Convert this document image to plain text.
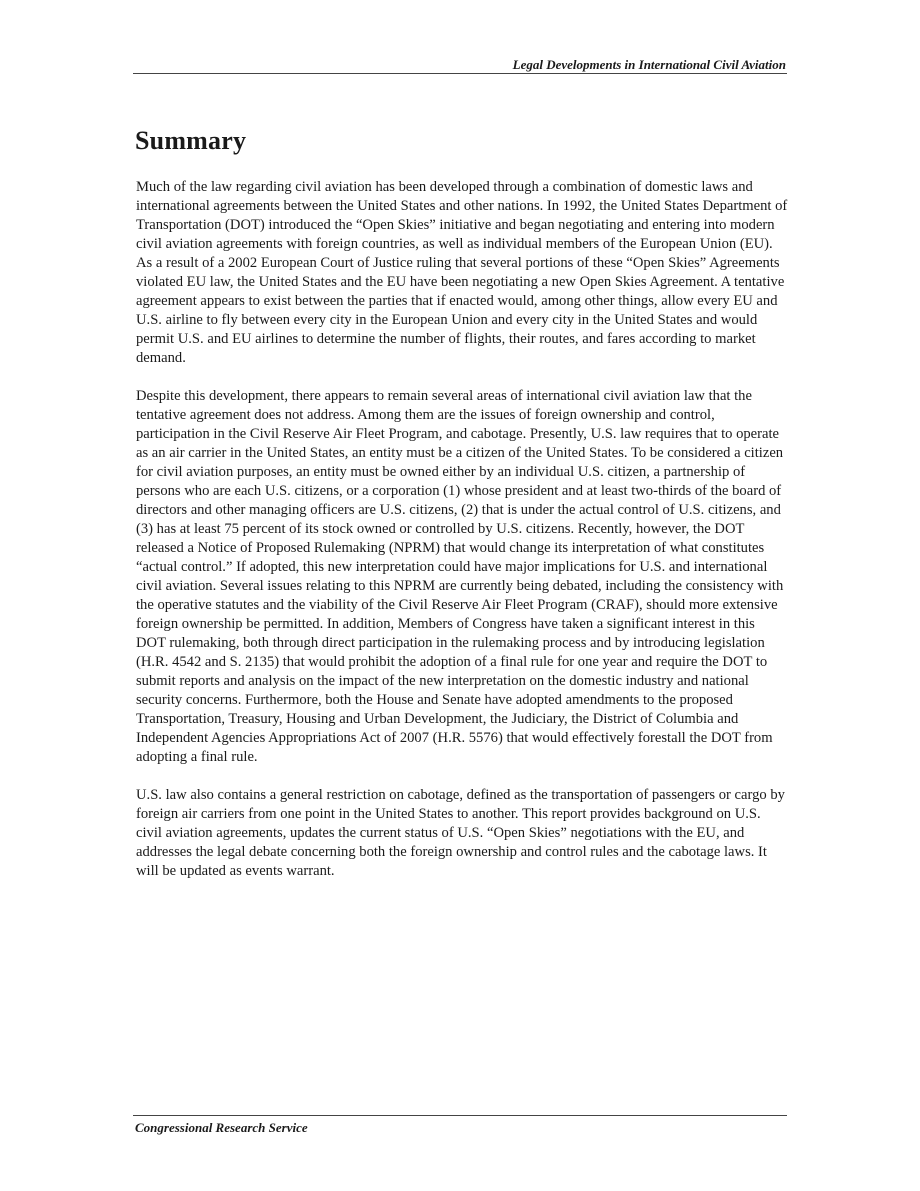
Legal Developments in International Civil Aviation
Summary

Much of the law regarding civil aviation has been developed through a combination of domestic laws and international agreements between the United States and other nations. In 1992, the United States Department of Transportation (DOT) introduced the “Open Skies” initiative and began negotiating and entering into modern civil aviation agreements with foreign countries, as well as individual members of the European Union (EU). As a result of a 2002 European Court of Justice ruling that several portions of these “Open Skies” Agreements violated EU law, the United States and the EU have been negotiating a new Open Skies Agreement. A tentative agreement appears to exist between the parties that if enacted would, among other things, allow every EU and U.S. airline to fly between every city in the European Union and every city in the United States and would permit U.S. and EU airlines to determine the number of flights, their routes, and fares according to market demand.

Despite this development, there appears to remain several areas of international civil aviation law that the tentative agreement does not address. Among them are the issues of foreign ownership and control, participation in the Civil Reserve Air Fleet Program, and cabotage. Presently, U.S. law requires that to operate as an air carrier in the United States, an entity must be a citizen of the United States. To be considered a citizen for civil aviation purposes, an entity must be owned either by an individual U.S. citizen, a partnership of persons who are each U.S. citizens, or a corporation (1) whose president and at least two-thirds of the board of directors and other managing officers are U.S. citizens, (2) that is under the actual control of U.S. citizens, and (3) has at least 75 percent of its stock owned or controlled by U.S. citizens. Recently, however, the DOT released a Notice of Proposed Rulemaking (NPRM) that would change its interpretation of what constitutes “actual control.” If adopted, this new interpretation could have major implications for U.S. and international civil aviation. Several issues relating to this NPRM are currently being debated, including the consistency with the operative statutes and the viability of the Civil Reserve Air Fleet Program (CRAF), should more extensive foreign ownership be permitted. In addition, Members of Congress have taken a significant interest in this DOT rulemaking, both through direct participation in the rulemaking process and by introducing legislation (H.R. 4542 and S. 2135) that would prohibit the adoption of a final rule for one year and require the DOT to submit reports and analysis on the impact of the new interpretation on the domestic industry and national security concerns. Furthermore, both the House and Senate have adopted amendments to the proposed Transportation, Treasury, Housing and Urban Development, the Judiciary, the District of Columbia and Independent Agencies Appropriations Act of 2007 (H.R. 5576) that would effectively forestall the DOT from adopting a final rule.

U.S. law also contains a general restriction on cabotage, defined as the transportation of passengers or cargo by foreign air carriers from one point in the United States to another. This report provides background on U.S. civil aviation agreements, updates the current status of U.S. “Open Skies” negotiations with the EU, and addresses the legal debate concerning both the foreign ownership and control rules and the cabotage laws. It will be updated as events warrant.

Congressional Research Service
